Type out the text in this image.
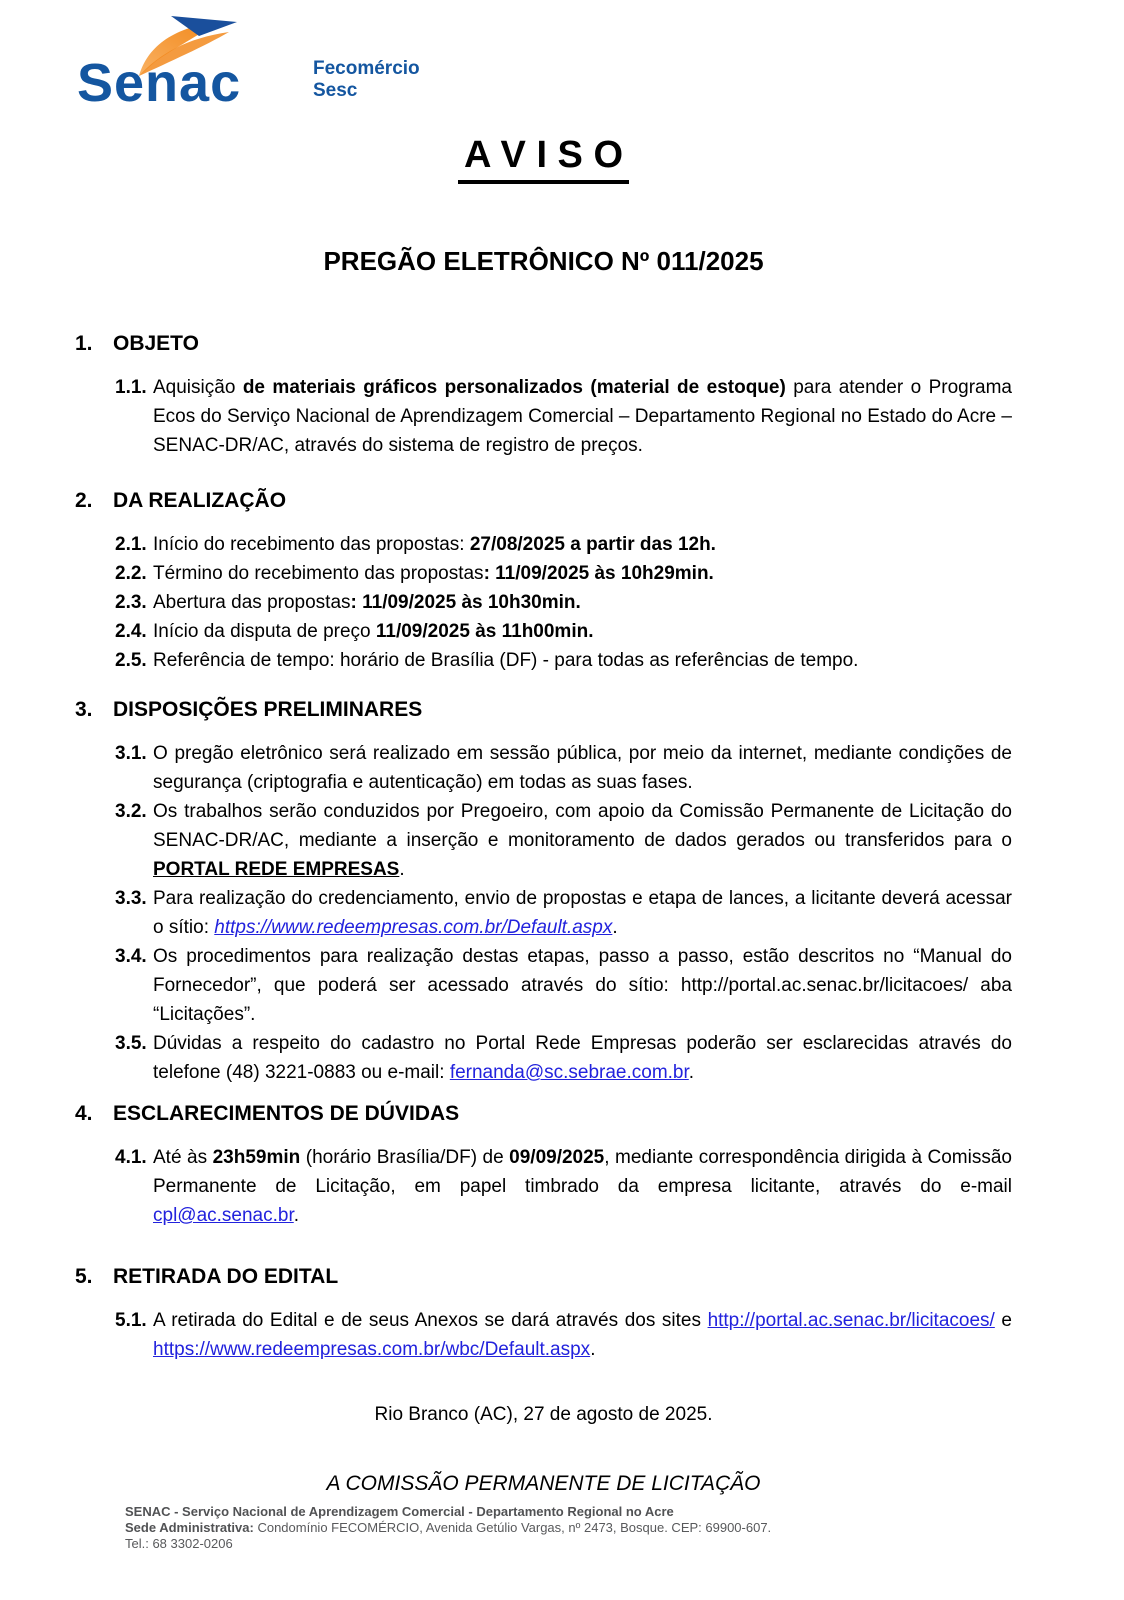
Senac	Fecomércio
Sesc
A V I S O
PREGÃO ELETRÔNICO Nº 011/2025
1. OBJETO
1.1. Aquisição de materiais gráficos personalizados (material de estoque) para atender o Programa Ecos do Serviço Nacional de Aprendizagem Comercial – Departamento Regional no Estado do Acre – SENAC-DR/AC, através do sistema de registro de preços.

2. DA REALIZAÇÃO
2.1. Início do recebimento das propostas: 27/08/2025 a partir das 12h.

2.2. Término do recebimento das propostas: 11/09/2025 às 10h29min.

2.3. Abertura das propostas: 11/09/2025 às 10h30min.

2.4. Início da disputa de preço 11/09/2025 às 11h00min.

2.5. Referência de tempo: horário de Brasília (DF) - para todas as referências de tempo.

3. DISPOSIÇÕES PRELIMINARES
3.1. O pregão eletrônico será realizado em sessão pública, por meio da internet, mediante condições de segurança (criptografia e autenticação) em todas as suas fases.

3.2. Os trabalhos serão conduzidos por Pregoeiro, com apoio da Comissão Permanente de Licitação do SENAC-DR/AC, mediante a inserção e monitoramento de dados gerados ou transferidos para o PORTAL REDE EMPRESAS.

3.3. Para realização do credenciamento, envio de propostas e etapa de lances, a licitante deverá acessar o sítio: https://www.redeempresas.com.br/Default.aspx.

3.4. Os procedimentos para realização destas etapas, passo a passo, estão descritos no “Manual do Fornecedor”, que poderá ser acessado através do sítio: http://portal.ac.senac.br/licitacoes/ aba “Licitações”.

3.5. Dúvidas a respeito do cadastro no Portal Rede Empresas poderão ser esclarecidas através do telefone (48) 3221-0883 ou e-mail: fernanda@sc.sebrae.com.br.

4. ESCLARECIMENTOS DE DÚVIDAS
4.1. Até às 23h59min (horário Brasília/DF) de 09/09/2025, mediante correspondência dirigida à Comissão Permanente de Licitação, em papel timbrado da empresa licitante, através do e-mail cpl@ac.senac.br.

5. RETIRADA DO EDITAL
5.1. A retirada do Edital e de seus Anexos se dará através dos sites http://portal.ac.senac.br/licitacoes/ e https://www.redeempresas.com.br/wbc/Default.aspx.

Rio Branco (AC), 27 de agosto de 2025.
A COMISSÃO PERMANENTE DE LICITAÇÃO
SENAC - Serviço Nacional de Aprendizagem Comercial - Departamento Regional no Acre
Sede Administrativa: Condomínio FECOMÉRCIO, Avenida Getúlio Vargas, nº 2473, Bosque. CEP: 69900-607.
Tel.: 68 3302-0206
